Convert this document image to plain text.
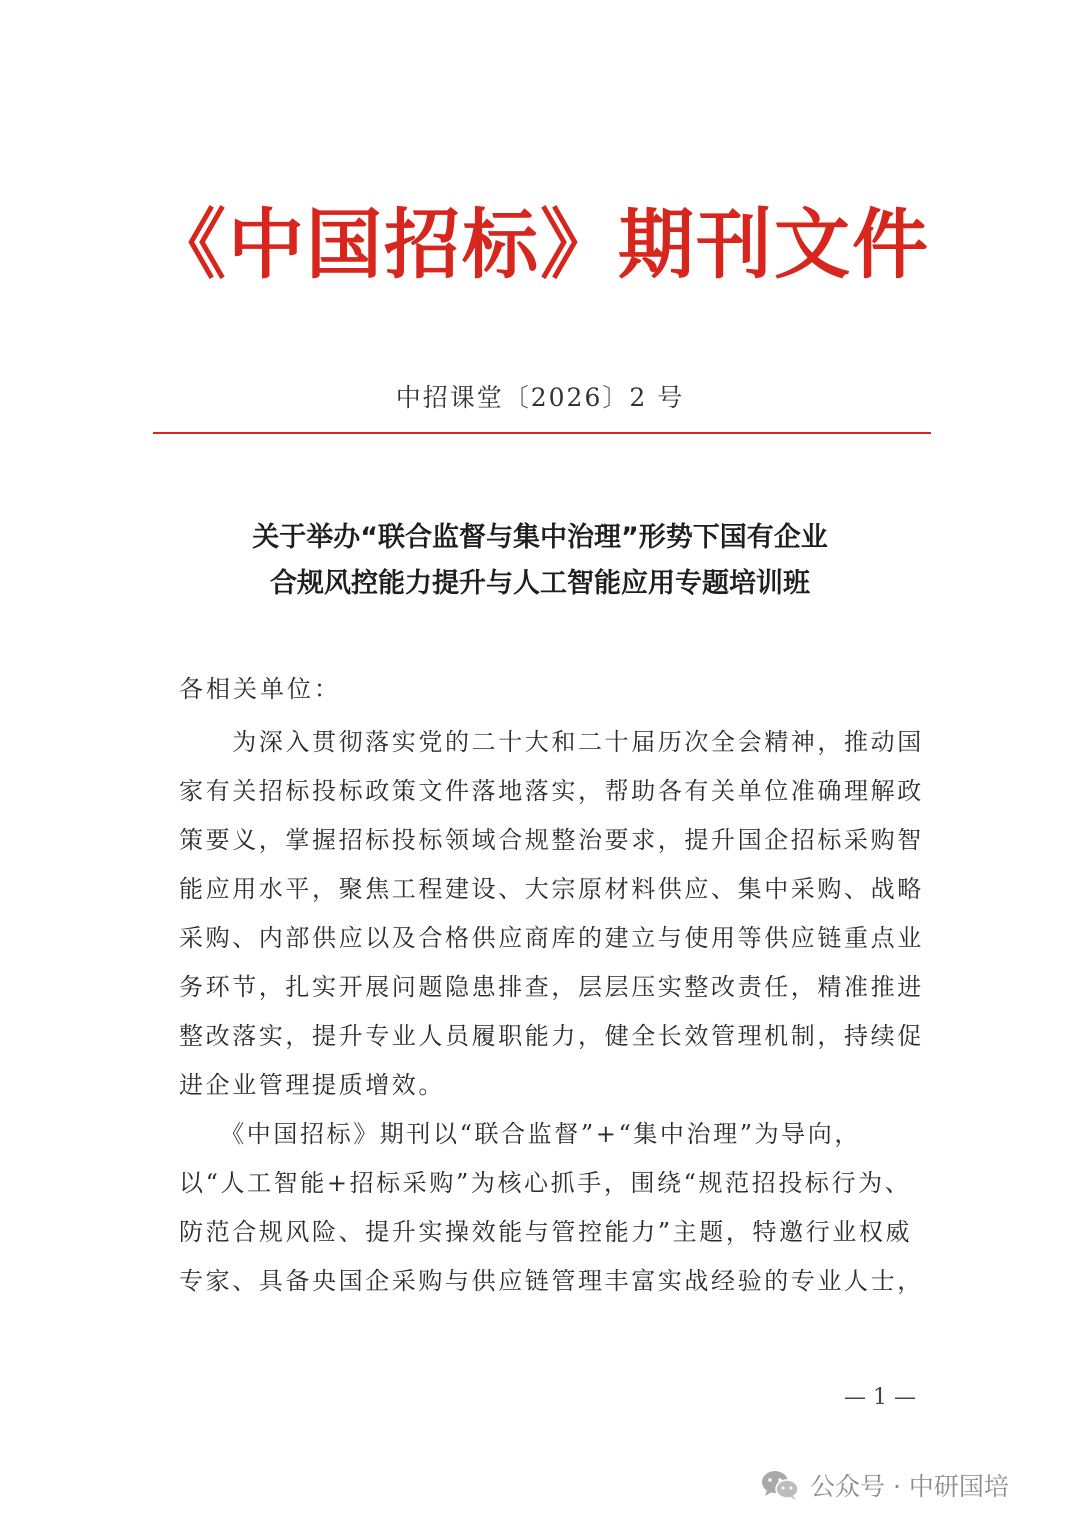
《中国招标》期刊文件
中招课堂〔2026〕2 号
关于举办“联合监督与集中治理”形势下国有企业
合规风控能力提升与人工智能应用专题培训班
各相关单位：
　　为深入贯彻落实党的二十大和二十届历次全会精神，推动国
家有关招标投标政策文件落地落实，帮助各有关单位准确理解政
策要义，掌握招标投标领域合规整治要求，提升国企招标采购智
能应用水平，聚焦工程建设、大宗原材料供应、集中采购、战略
采购、内部供应以及合格供应商库的建立与使用等供应链重点业
务环节，扎实开展问题隐患排查，层层压实整改责任，精准推进
整改落实，提升专业人员履职能力，健全长效管理机制，持续促
进企业管理提质增效。
　　《中国招标》期刊以“联合监督”+“集中治理”为导向，
以“人工智能+招标采购”为核心抓手，围绕“规范招投标行为、
防范合规风险、提升实操效能与管控能力”主题，特邀行业权威
专家、具备央国企采购与供应链管理丰富实战经验的专业人士，
— 1 —
公众号 · 中研国培
